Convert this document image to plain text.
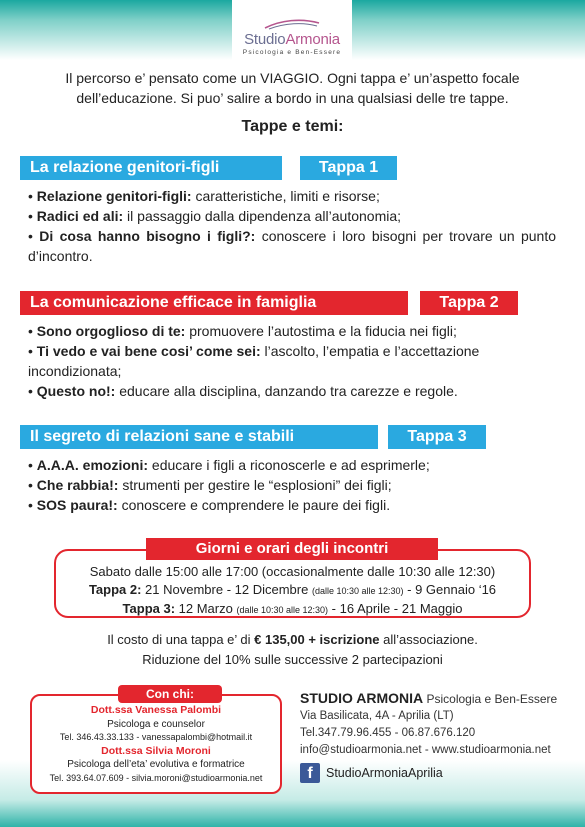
StudioArmonia
Psicologia e Ben-Essere
Il percorso e’ pensato come un VIAGGIO. Ogni tappa e’ un’aspetto focale
dell’educazione. Si puo’ salire a bordo in una qualsiasi delle tre tappe.
Tappe e temi:
La relazione genitori-figli	Tappa 1

• Relazione genitori-figli: caratteristiche, limiti e risorse;

• Radici ed ali: il passaggio dalla dipendenza all’autonomia;

• Di cosa hanno bisogno i figli?: conoscere i loro bisogni per trovare un punto d’incontro.

La comunicazione efficace in famiglia	Tappa 2

• Sono orgoglioso di te: promuovere l’autostima e la fiducia nei figli;

• Ti vedo e vai bene cosi’ come sei: l’ascolto, l’empatia e l’accettazione incondizionata;

• Questo no!: educare alla disciplina, danzando tra carezze e regole.

Il segreto di relazioni sane e stabili	Tappa 3

• A.A.A. emozioni: educare i figli a riconoscerle e ad esprimerle;

• Che rabbia!: strumenti per gestire le “esplosioni” dei figli;

• SOS paura!: conoscere e comprendere le paure dei figli.

Giorni e orari degli incontri
Sabato dalle 15:00 alle 17:00 (occasionalmente dalle 10:30 alle 12:30)
Tappa 2: 21 Novembre - 12 Dicembre (dalle 10:30 alle 12:30) - 9 Gennaio ‘16
Tappa 3: 12 Marzo (dalle 10:30 alle 12:30) - 16 Aprile - 21 Maggio
Il costo di una tappa e’ di € 135,00 + iscrizione all’associazione.
Riduzione del 10% sulle successive 2 partecipazioni
Con chi:
Dott.ssa Vanessa Palombi
Psicologa e counselor
Tel. 346.43.33.133 - vanessapalombi@hotmail.it
Dott.ssa Silvia Moroni
Psicologa dell’eta’ evolutiva e formatrice
Tel. 393.64.07.609 - silvia.moroni@studioarmonia.net
STUDIO ARMONIA Psicologia e Ben-Essere
Via Basilicata, 4A - Aprilia (LT)
Tel.347.79.96.455 - 06.87.676.120
info@studioarmonia.net - www.studioarmonia.net
f	StudioArmoniaAprilia
